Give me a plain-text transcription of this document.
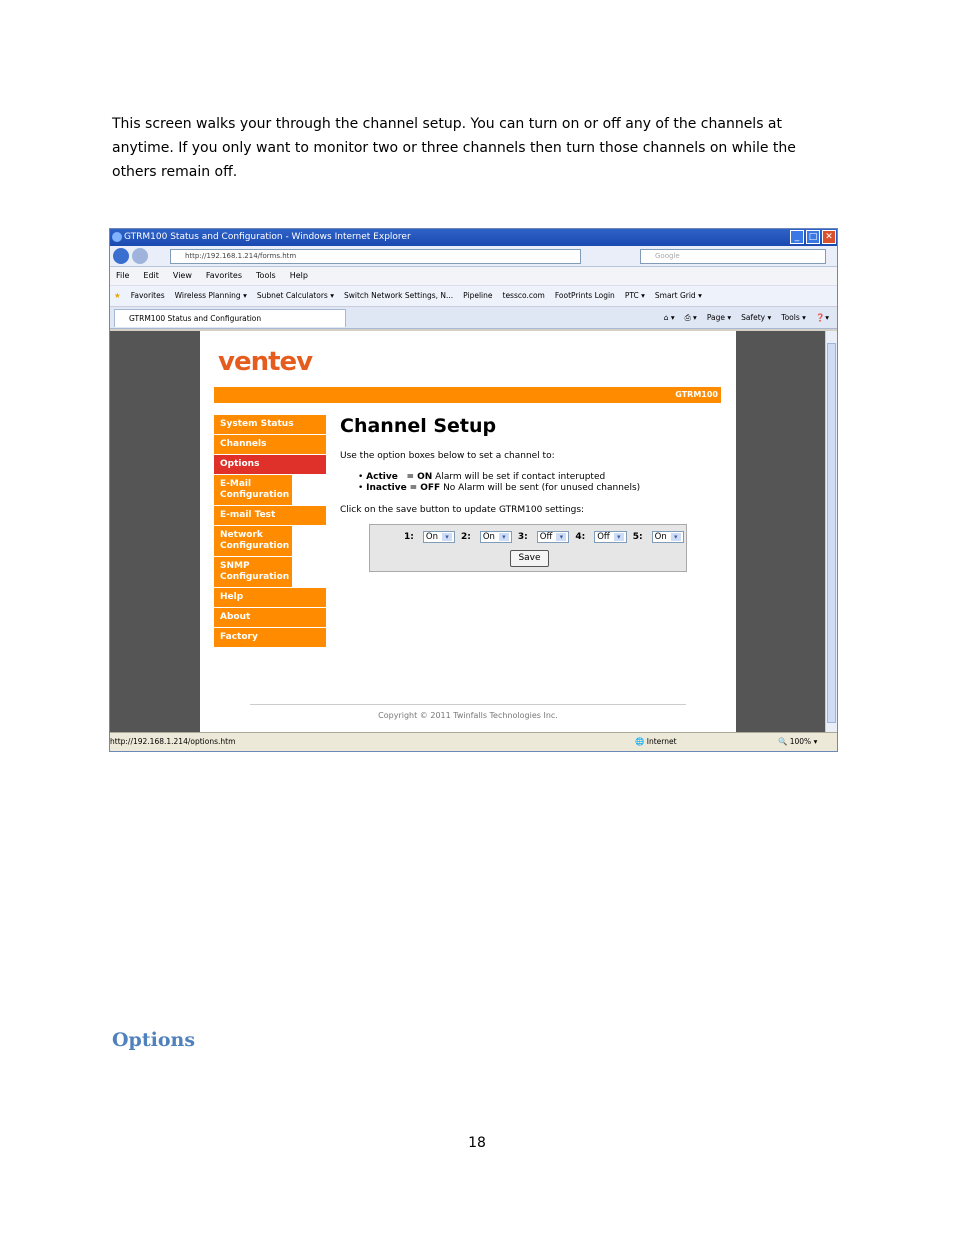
This screen walks your through the channel setup. You can turn on or off any of the channels at

anytime. If you only want to monitor two or three channels then turn those channels on while the

others remain off.

GTRM100 Status and Configuration - Windows Internet Explorer	_	□ ✕
http://192.168.1.214/forms.htm	Google
File Edit View Favorites Tools Help
★ Favorites Wireless Planning ▾ Subnet Calculators ▾ Switch Network Settings, N... Pipeline tessco.com FootPrints Login PTC ▾ Smart Grid ▾
GTRM100 Status and Configuration	⌂ ▾ ⎙ ▾ Page ▾ Safety ▾ Tools ▾ ❓▾
ventev
GTRM100
System Status
Channels
Options
E-Mail Configuration
E-mail Test
Network Configuration
SNMP Configuration
Help
About
Factory
Channel Setup
Use the option boxes below to set a channel to:
• Active = ON Alarm will be set if contact interupted
• Inactive = OFF No Alarm will be sent (for unused channels)
Click on the save button to update GTRM100 settings:
1:	On ▾	2:	On ▾	3:	Off ▾	4:	Off ▾	5:	On ▾
Save
Copyright © 2011 Twinfalls Technologies Inc.
http://192.168.1.214/options.htm	🌐 Internet	🔍 100% ▾
Options
18
